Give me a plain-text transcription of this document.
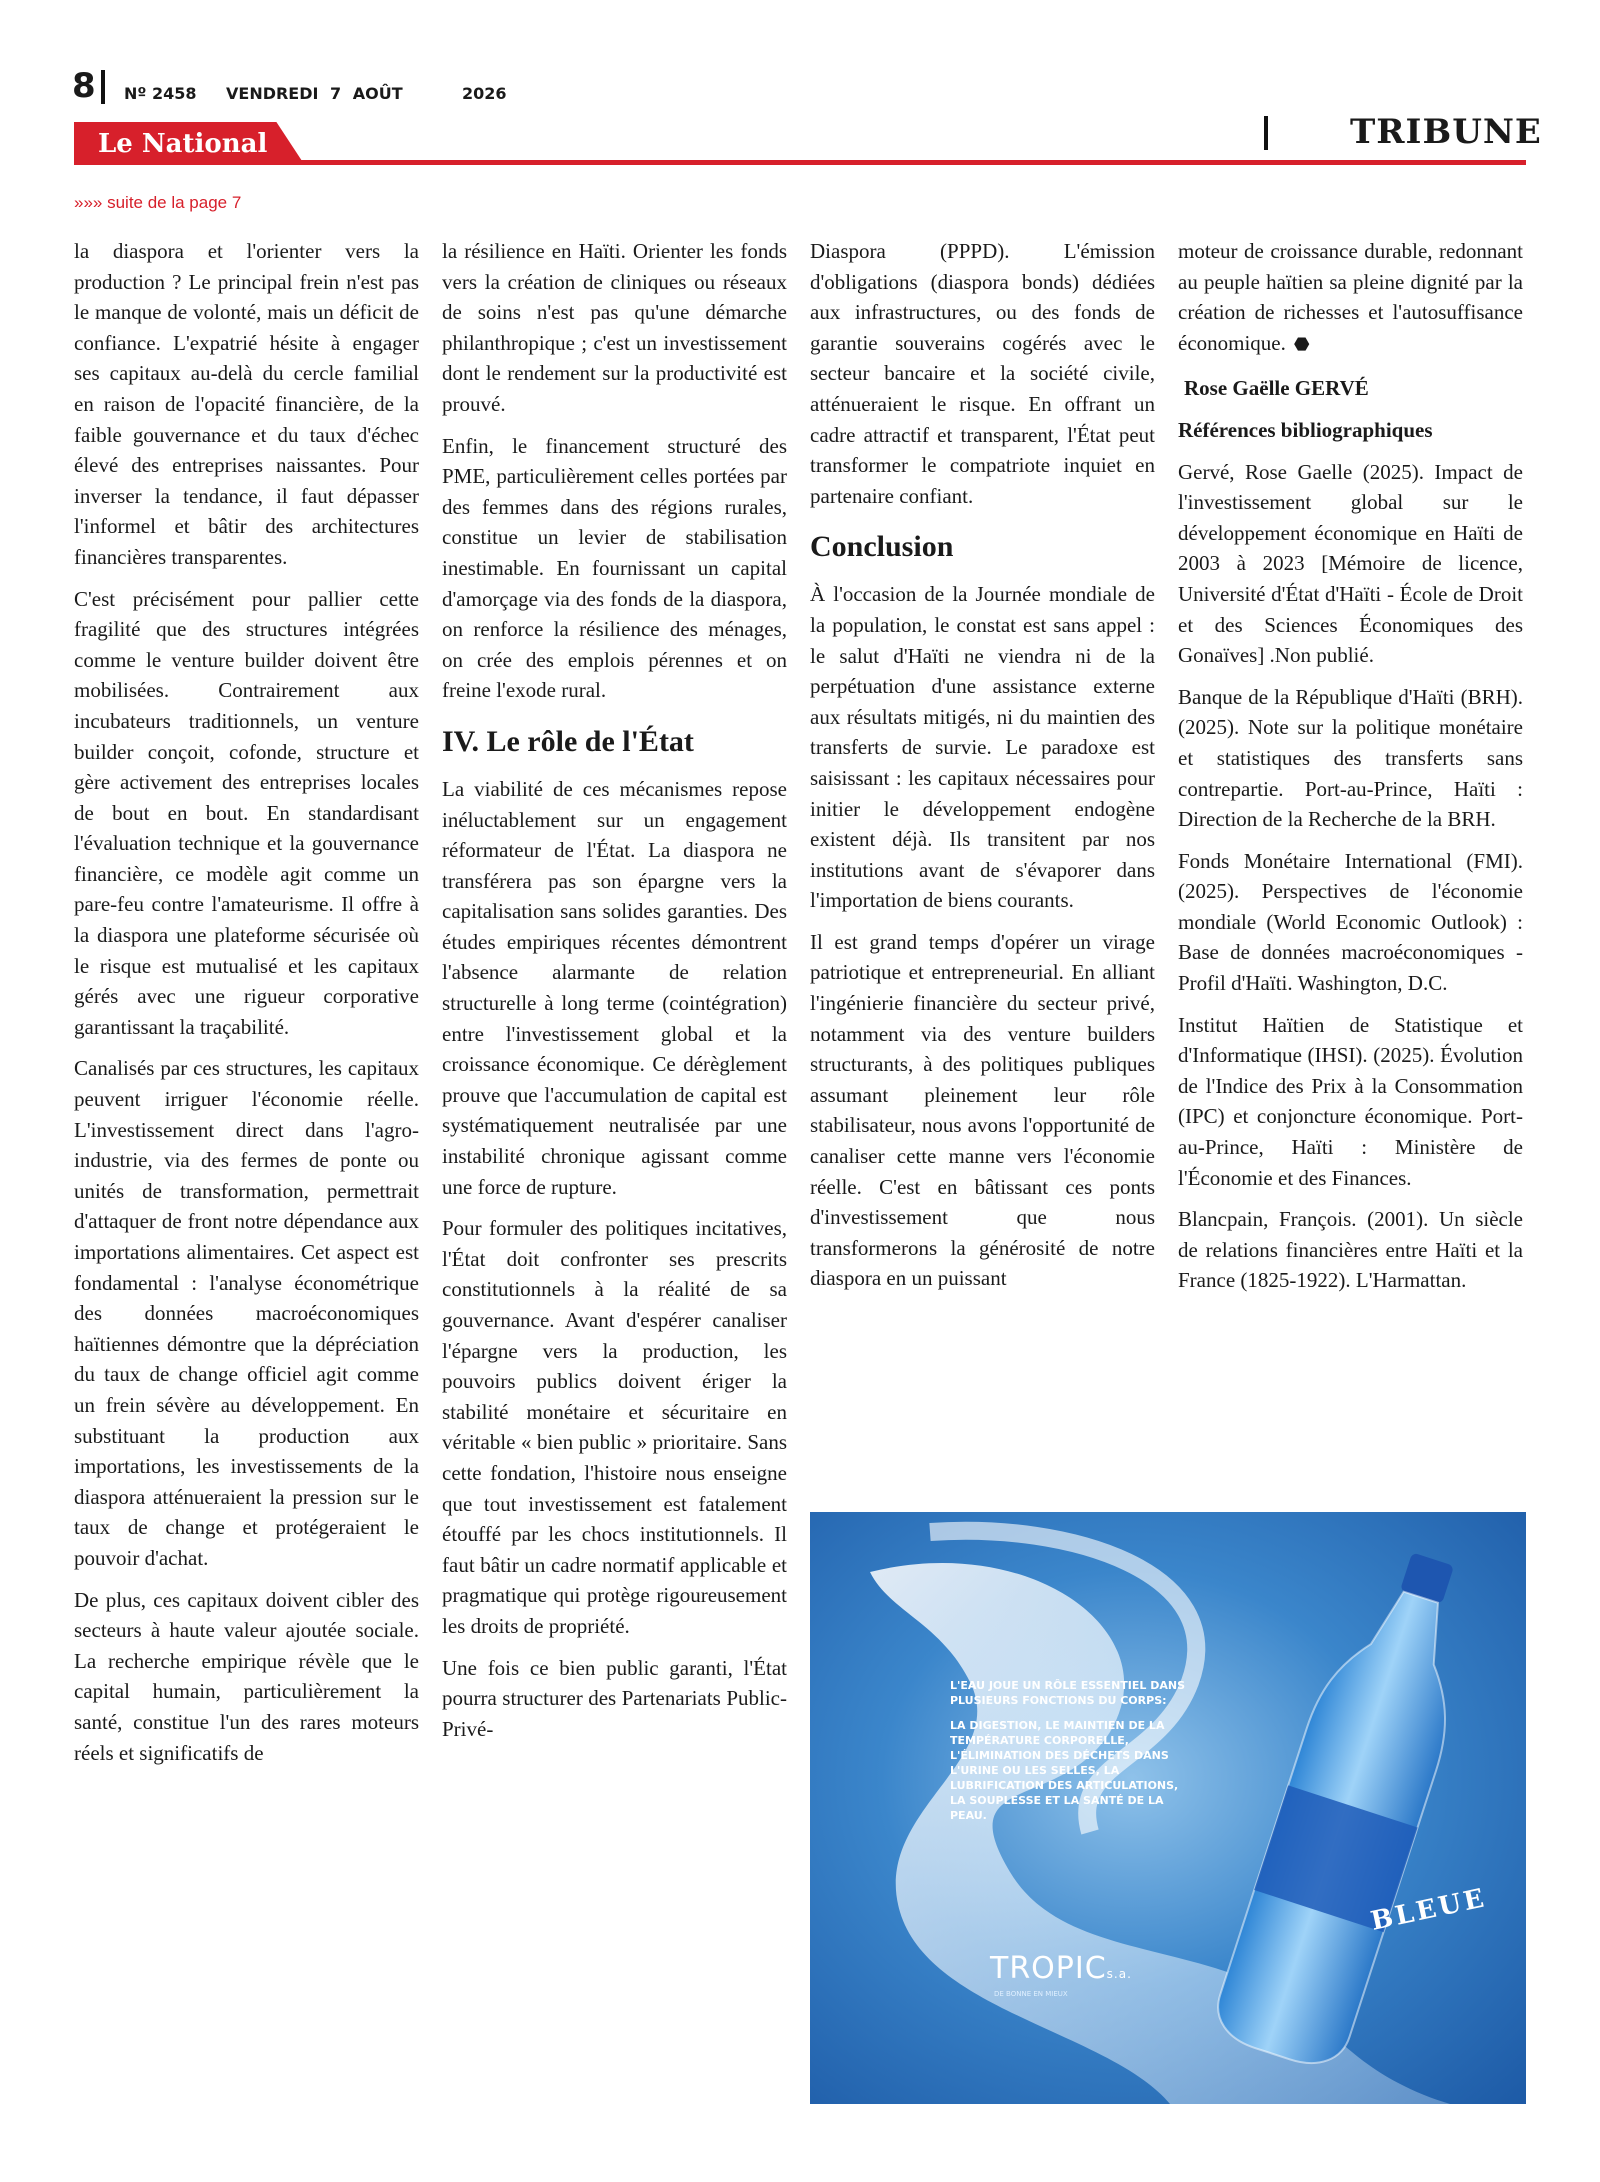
8 Nº 2458 VENDREDI 7 AOÛT	2026
Le National	TRIBUNE
»»» suite de la page 7

la diaspora et l'orienter vers la production ? Le principal frein n'est pas le manque de volonté, mais un déficit de confiance. L'expatrié hésite à engager ses capitaux au-delà du cercle familial en raison de l'opacité financière, de la faible gouvernance et du taux d'échec élevé des entreprises naissantes. Pour inverser la tendance, il faut dépasser l'informel et bâtir des architectures financières transparentes.

C'est précisément pour pallier cette fragilité que des structures intégrées comme le venture builder doivent être mobilisées. Contrairement aux incubateurs traditionnels, un venture builder conçoit, cofonde, structure et gère activement des entreprises locales de bout en bout. En standardisant l'évaluation technique et la gouvernance financière, ce modèle agit comme un pare-feu contre l'amateurisme. Il offre à la diaspora une plateforme sécurisée où le risque est mutualisé et les capitaux gérés avec une rigueur corporative garantissant la traçabilité.

Canalisés par ces structures, les capitaux peuvent irriguer l'économie réelle. L'investissement direct dans l'agro-industrie, via des fermes de ponte ou unités de transformation, permettrait d'attaquer de front notre dépendance aux importations alimentaires. Cet aspect est fondamental : l'analyse économétrique des données macroéconomiques haïtiennes démontre que la dépréciation du taux de change officiel agit comme un frein sévère au développement. En substituant la production aux importations, les investissements de la diaspora atténueraient la pression sur le taux de change et protégeraient le pouvoir d'achat.

De plus, ces capitaux doivent cibler des secteurs à haute valeur ajoutée sociale. La recherche empirique révèle que le capital humain, particulièrement la santé, constitue l'un des rares moteurs réels et significatifs de

la résilience en Haïti. Orienter les fonds vers la création de cliniques ou réseaux de soins n'est pas qu'une démarche philanthropique ; c'est un investissement dont le rendement sur la productivité est prouvé.

Enfin, le financement structuré des PME, particulièrement celles portées par des femmes dans des régions rurales, constitue un levier de stabilisation inestimable. En fournissant un capital d'amorçage via des fonds de la diaspora, on renforce la résilience des ménages, on crée des emplois pérennes et on freine l'exode rural.

IV. Le rôle de l'État

La viabilité de ces mécanismes repose inéluctablement sur un engagement réformateur de l'État. La diaspora ne transférera pas son épargne vers la capitalisation sans solides garanties. Des études empiriques récentes démontrent l'absence alarmante de relation structurelle à long terme (cointégration) entre l'investissement global et la croissance économique. Ce dérèglement prouve que l'accumulation de capital est systématiquement neutralisée par une instabilité chronique agissant comme une force de rupture.

Pour formuler des politiques incitatives, l'État doit confronter ses prescrits constitutionnels à la réalité de sa gouvernance. Avant d'espérer canaliser l'épargne vers la production, les pouvoirs publics doivent ériger la stabilité monétaire et sécuritaire en véritable « bien public » prioritaire. Sans cette fondation, l'histoire nous enseigne que tout investissement est fatalement étouffé par les chocs institutionnels. Il faut bâtir un cadre normatif applicable et pragmatique qui protège rigoureusement les droits de propriété.

Une fois ce bien public garanti, l'État pourra structurer des Partenariats Public-Privé-

Diaspora (PPPD). L'émission d'obligations (diaspora bonds) dédiées aux infrastructures, ou des fonds de garantie souverains cogérés avec le secteur bancaire et la société civile, atténueraient le risque. En offrant un cadre attractif et transparent, l'État peut transformer le compatriote inquiet en partenaire confiant.

Conclusion

À l'occasion de la Journée mondiale de la population, le constat est sans appel : le salut d'Haïti ne viendra ni de la perpétuation d'une assistance externe aux résultats mitigés, ni du maintien des transferts de survie. Le paradoxe est saisissant : les capitaux nécessaires pour initier le développement endogène existent déjà. Ils transitent par nos institutions avant de s'évaporer dans l'importation de biens courants.

Il est grand temps d'opérer un virage patriotique et entrepreneurial. En alliant l'ingénierie financière du secteur privé, notamment via des venture builders structurants, à des politiques publiques assumant pleinement leur rôle stabilisateur, nous avons l'opportunité de canaliser cette manne vers l'économie réelle. C'est en bâtissant ces ponts d'investissement que nous transformerons la générosité de notre diaspora en un puissant

moteur de croissance durable, redonnant au peuple haïtien sa pleine dignité par la création de richesses et l'autosuffisance économique. ⬣

Rose Gaëlle GERVÉ

Références bibliographiques

Gervé, Rose Gaelle (2025). Impact de l'investissement global sur le développement économique en Haïti de 2003 à 2023 [Mémoire de licence, Université d'État d'Haïti - École de Droit et des Sciences Économiques des Gonaïves] .Non publié.

Banque de la République d'Haïti (BRH). (2025). Note sur la politique monétaire et statistiques des transferts sans contrepartie. Port-au-Prince, Haïti : Direction de la Recherche de la BRH.

Fonds Monétaire International (FMI). (2025). Perspectives de l'économie mondiale (World Economic Outlook) : Base de données macroéconomiques - Profil d'Haïti. Washington, D.C.

Institut Haïtien de Statistique et d'Informatique (IHSI). (2025). Évolution de l'Indice des Prix à la Consommation (IPC) et conjoncture économique. Port-au-Prince, Haïti : Ministère de l'Économie et des Finances.

Blancpain, François. (2001). Un siècle de relations financières entre Haïti et la France (1825-1922). L'Harmattan.

L'EAU JOUE UN RÔLE ESSENTIEL DANS PLUSIEURS FONCTIONS DU CORPS:
LA DIGESTION, LE MAINTIEN DE LA TEMPÉRATURE CORPORELLE, L'ÉLIMINATION DES DÉCHETS DANS L'URINE OU LES SELLES, LA LUBRIFICATION DES ARTICULATIONS, LA SOUPLESSE ET LA SANTÉ DE LA PEAU.
BLEUE
TROPICs.a.
DE BONNE EN MIEUX
